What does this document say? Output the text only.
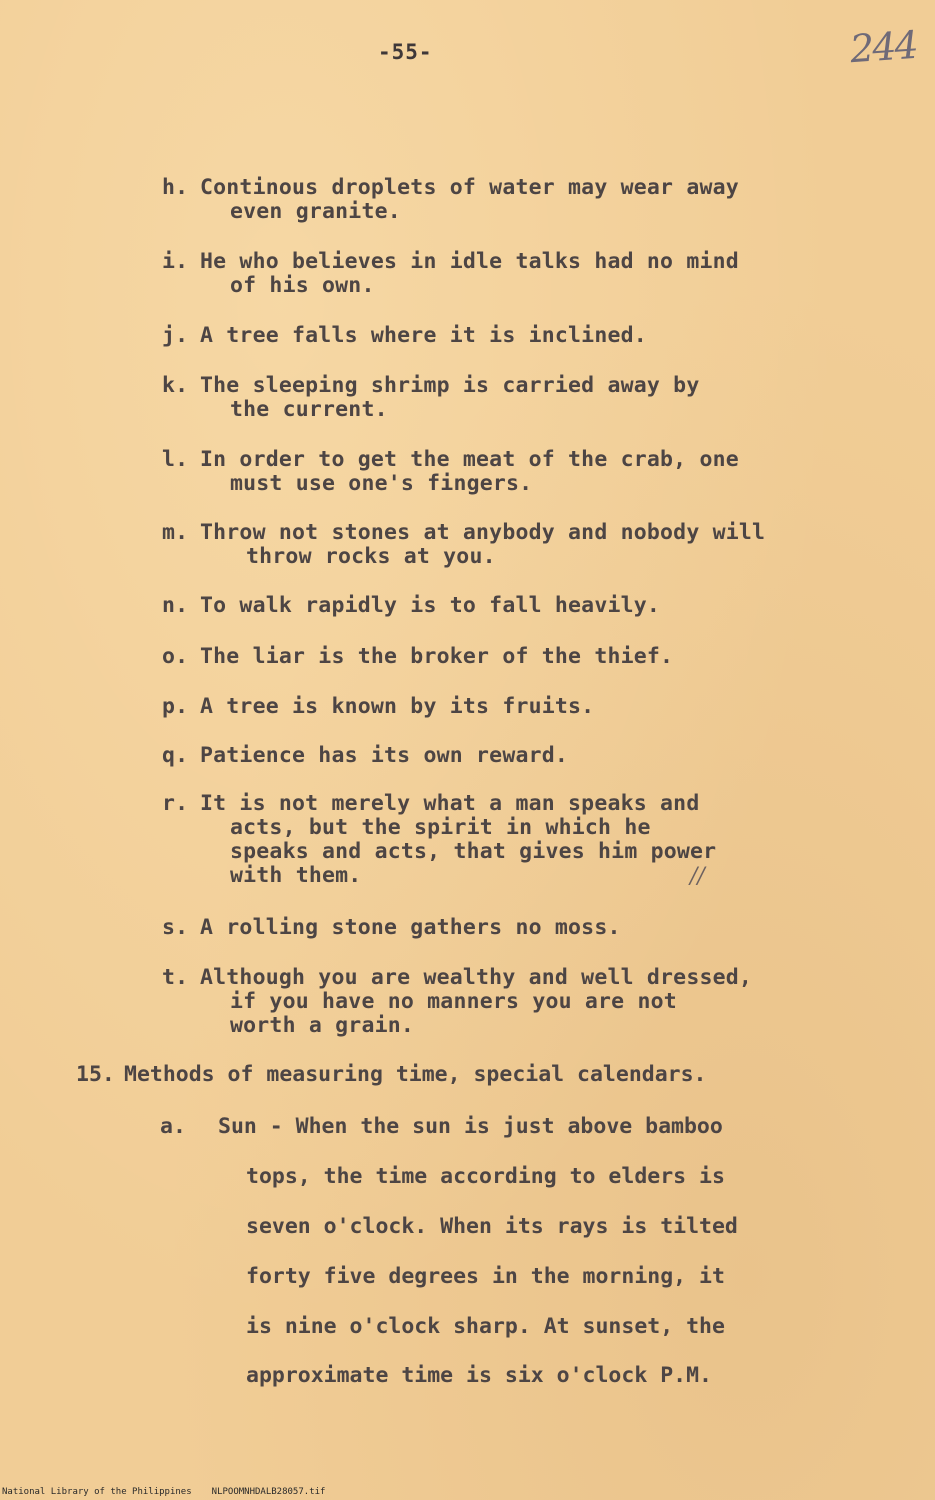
-55-	244
h. Continous droplets of water may wear away
even granite.
i. He who believes in idle talks had no mind
of his own.
j. A tree falls where it is inclined.
k. The sleeping shrimp is carried away by
the current.
l. In order to get the meat of the crab, one
must use one's fingers.
m. Throw not stones at anybody and nobody will
throw rocks at you.
n. To walk rapidly is to fall heavily.
o. The liar is the broker of the thief.
p. A tree is known by its fruits.
q. Patience has its own reward.
r. It is not merely what a man speaks and
acts, but the spirit in which he
speaks and acts, that gives him power
with them.	//
s. A rolling stone gathers no moss.
t. Although you are wealthy and well dressed,
if you have no manners you are not
worth a grain.
15. Methods of measuring time, special calendars.
a. Sun - When the sun is just above bamboo
tops, the time according to elders is
seven o'clock. When its rays is tilted
forty five degrees in the morning, it
is nine o'clock sharp. At sunset, the
approximate time is six o'clock P.M.
National Library of the Philippines NLPOOMNHDALB28057.tif
